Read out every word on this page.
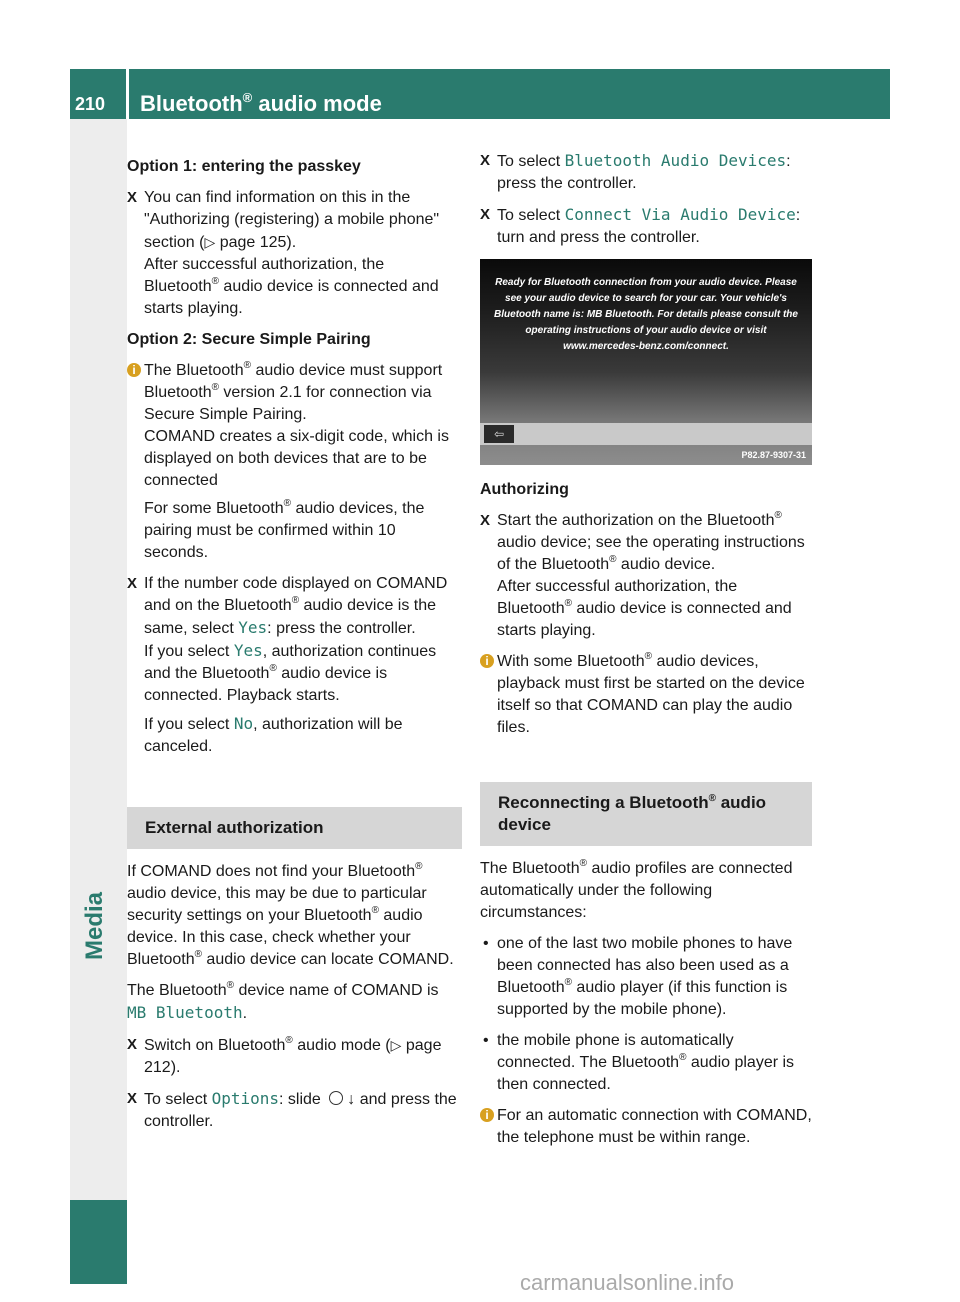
210 Bluetooth® audio mode
Media
Option 1: entering the passkey
X You can find information on this in the "Authorizing (registering) a mobile phone" section (▷ page 125).
After successful authorization, the Bluetooth® audio device is connected and starts playing.
Option 2: Secure Simple Pairing
i The Bluetooth® audio device must support Bluetooth® version 2.1 for connection via Secure Simple Pairing.
COMAND creates a six-digit code, which is displayed on both devices that are to be connected
For some Bluetooth® audio devices, the pairing must be confirmed within 10 seconds.
X If the number code displayed on COMAND and on the Bluetooth® audio device is the same, select Yes: press the controller.
If you select Yes, authorization continues and the Bluetooth® audio device is connected. Playback starts.
If you select No, authorization will be canceled.
External authorization
If COMAND does not find your Bluetooth® audio device, this may be due to particular security settings on your Bluetooth® audio device. In this case, check whether your Bluetooth® audio device can locate COMAND.
The Bluetooth® device name of COMAND is MB Bluetooth.
X Switch on Bluetooth® audio mode (▷ page 212).
X To select Options: slide ↓ and press the controller.
X To select Bluetooth Audio Devices: press the controller.
X To select Connect Via Audio Device: turn and press the controller.
Ready for Bluetooth connection from your audio device. Please see your audio device to search for your car. Your vehicle's Bluetooth name is: MB Bluetooth. For details please consult the operating instructions of your audio device or visit www.mercedes-benz.com/connect.
⇦
P82.87-9307-31
Authorizing
X Start the authorization on the Bluetooth® audio device; see the operating instructions of the Bluetooth® audio device.
After successful authorization, the Bluetooth® audio device is connected and starts playing.
i With some Bluetooth® audio devices, playback must first be started on the device itself so that COMAND can play the audio files.
Reconnecting a Bluetooth® audio device
The Bluetooth® audio profiles are connected automatically under the following circumstances:
• one of the last two mobile phones to have been connected has also been used as a Bluetooth® audio player (if this function is supported by the mobile phone).
• the mobile phone is automatically connected. The Bluetooth® audio player is then connected.
i For an automatic connection with COMAND, the telephone must be within range.
carmanualsonline.info
